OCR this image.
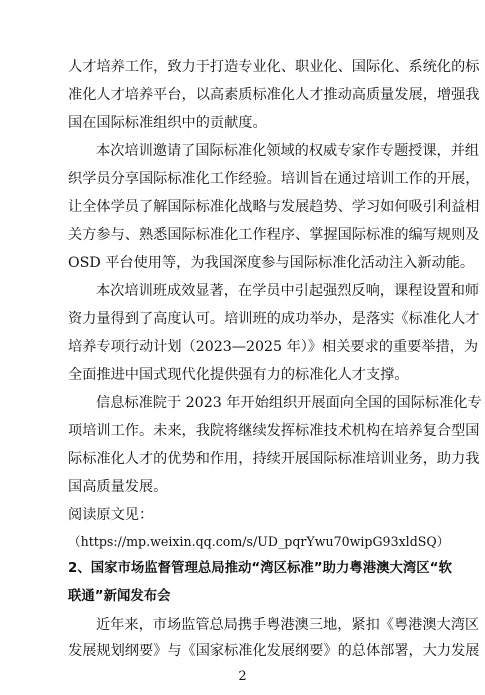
人才培养工作，致力于打造专业化、职业化、国际化、系统化的标
准化人才培养平台，以高素质标准化人才推动高质量发展，增强我
国在国际标准组织中的贡献度。
本次培训邀请了国际标准化领域的权威专家作专题授课，并组
织学员分享国际标准化工作经验。培训旨在通过培训工作的开展，
让全体学员了解国际标准化战略与发展趋势、学习如何吸引利益相
关方参与、熟悉国际标准化工作程序、掌握国际标准的编写规则及
OSD 平台使用等，为我国深度参与国际标准化活动注入新动能。
本次培训班成效显著，在学员中引起强烈反响，课程设置和师
资力量得到了高度认可。培训班的成功举办，是落实《标准化人才
培养专项行动计划（2023—2025 年）》相关要求的重要举措，为
全面推进中国式现代化提供强有力的标准化人才支撑。
信息标准院于 2023 年开始组织开展面向全国的国际标准化专
项培训工作。未来，我院将继续发挥标准技术机构在培养复合型国
际标准化人才的优势和作用，持续开展国际标准培训业务，助力我
国高质量发展。
阅读原文见：
（https://mp.weixin.qq.com/s/UD_pqrYwu70wipG93xldSQ）
2、国家市场监督管理总局推动“湾区标准”助力粤港澳大湾区“软
联通”新闻发布会
近年来，市场监管总局携手粤港澳三地，紧扣《粤港澳大湾区
发展规划纲要》与《国家标准化发展纲要》的总体部署，大力发展
2
